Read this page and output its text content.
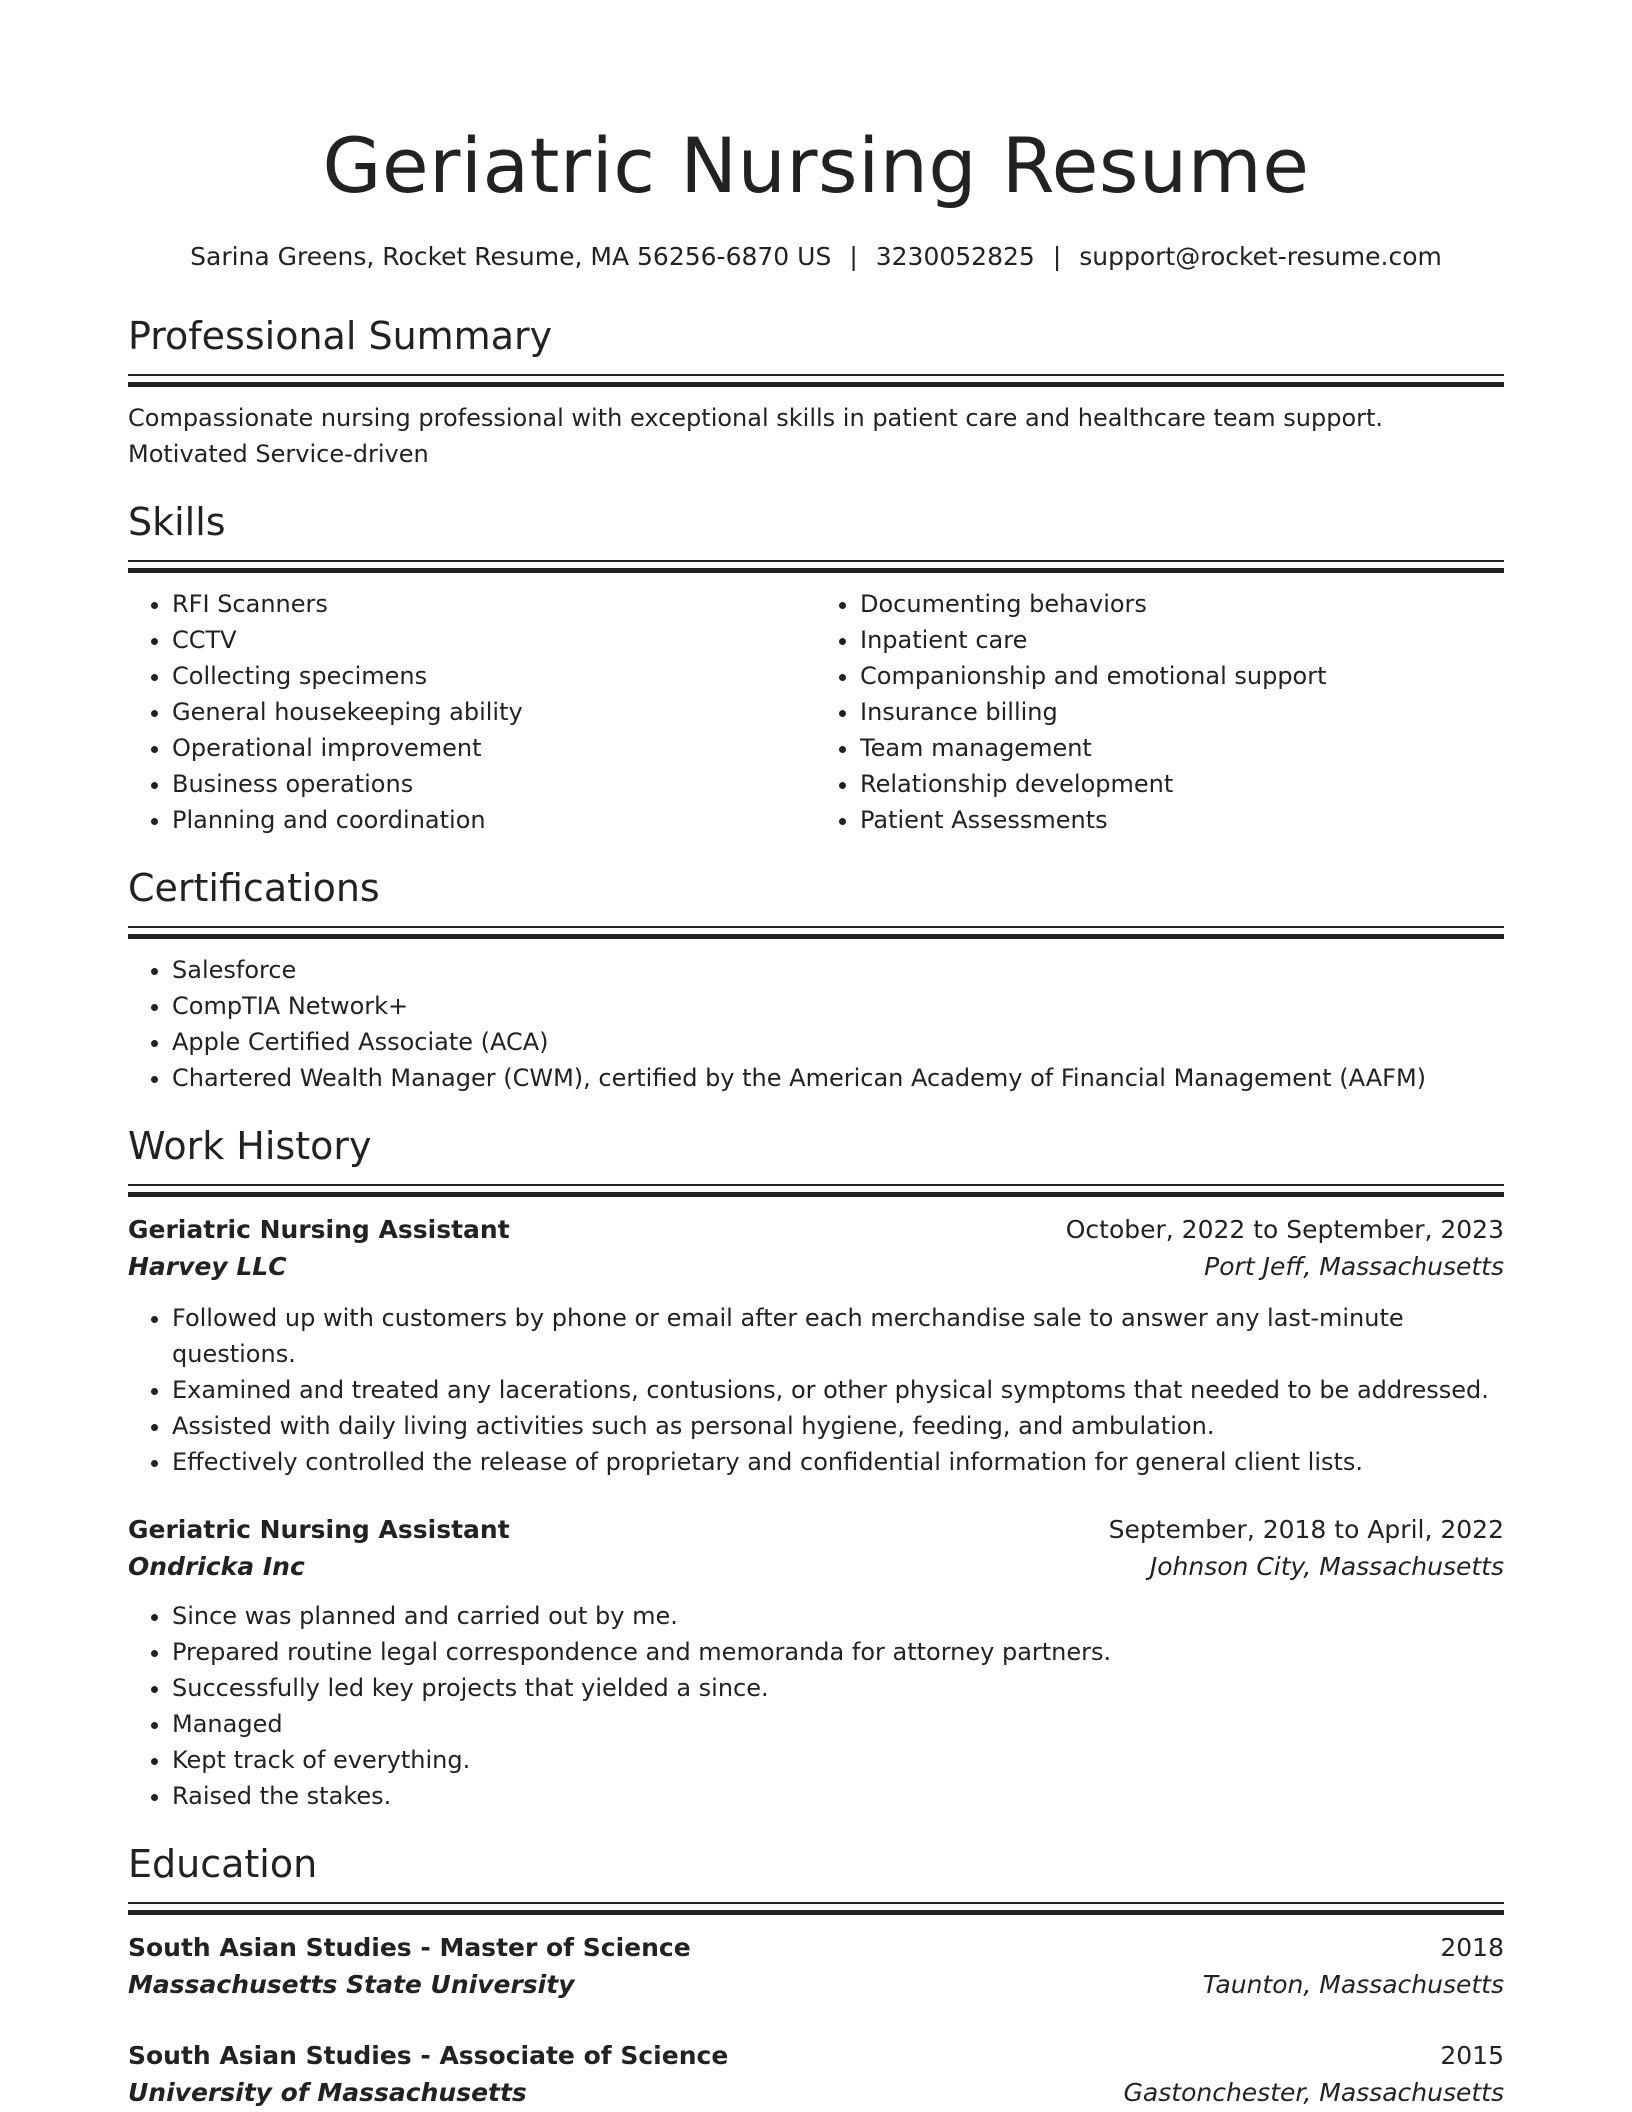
Geriatric Nursing Resume
Sarina Greens, Rocket Resume, MA 56256-6870 US | 3230052825 | support@rocket-resume.com
Professional Summary
Compassionate nursing professional with exceptional skills in patient care and healthcare team support. Motivated Service-driven
Skills
• RFI Scanners
• CCTV
• Collecting specimens
• General housekeeping ability
• Operational improvement
• Business operations
• Planning and coordination
• Documenting behaviors
• Inpatient care
• Companionship and emotional support
• Insurance billing
• Team management
• Relationship development
• Patient Assessments
Certifications
• Salesforce
• CompTIA Network+
• Apple Certified Associate (ACA)
• Chartered Wealth Manager (CWM), certified by the American Academy of Financial Management (AAFM)
Work History
Geriatric Nursing Assistant	October, 2022 to September, 2023
Harvey LLC	Port Jeff, Massachusetts
• Followed up with customers by phone or email after each merchandise sale to answer any last-minute questions.
• Examined and treated any lacerations, contusions, or other physical symptoms that needed to be addressed.
• Assisted with daily living activities such as personal hygiene, feeding, and ambulation.
• Effectively controlled the release of proprietary and confidential information for general client lists.
Geriatric Nursing Assistant	September, 2018 to April, 2022
Ondricka Inc	Johnson City, Massachusetts
• Since was planned and carried out by me.
• Prepared routine legal correspondence and memoranda for attorney partners.
• Successfully led key projects that yielded a since.
• Managed
• Kept track of everything.
• Raised the stakes.
Education
South Asian Studies - Master of Science	2018
Massachusetts State University	Taunton, Massachusetts
South Asian Studies - Associate of Science	2015
University of Massachusetts	Gastonchester, Massachusetts
